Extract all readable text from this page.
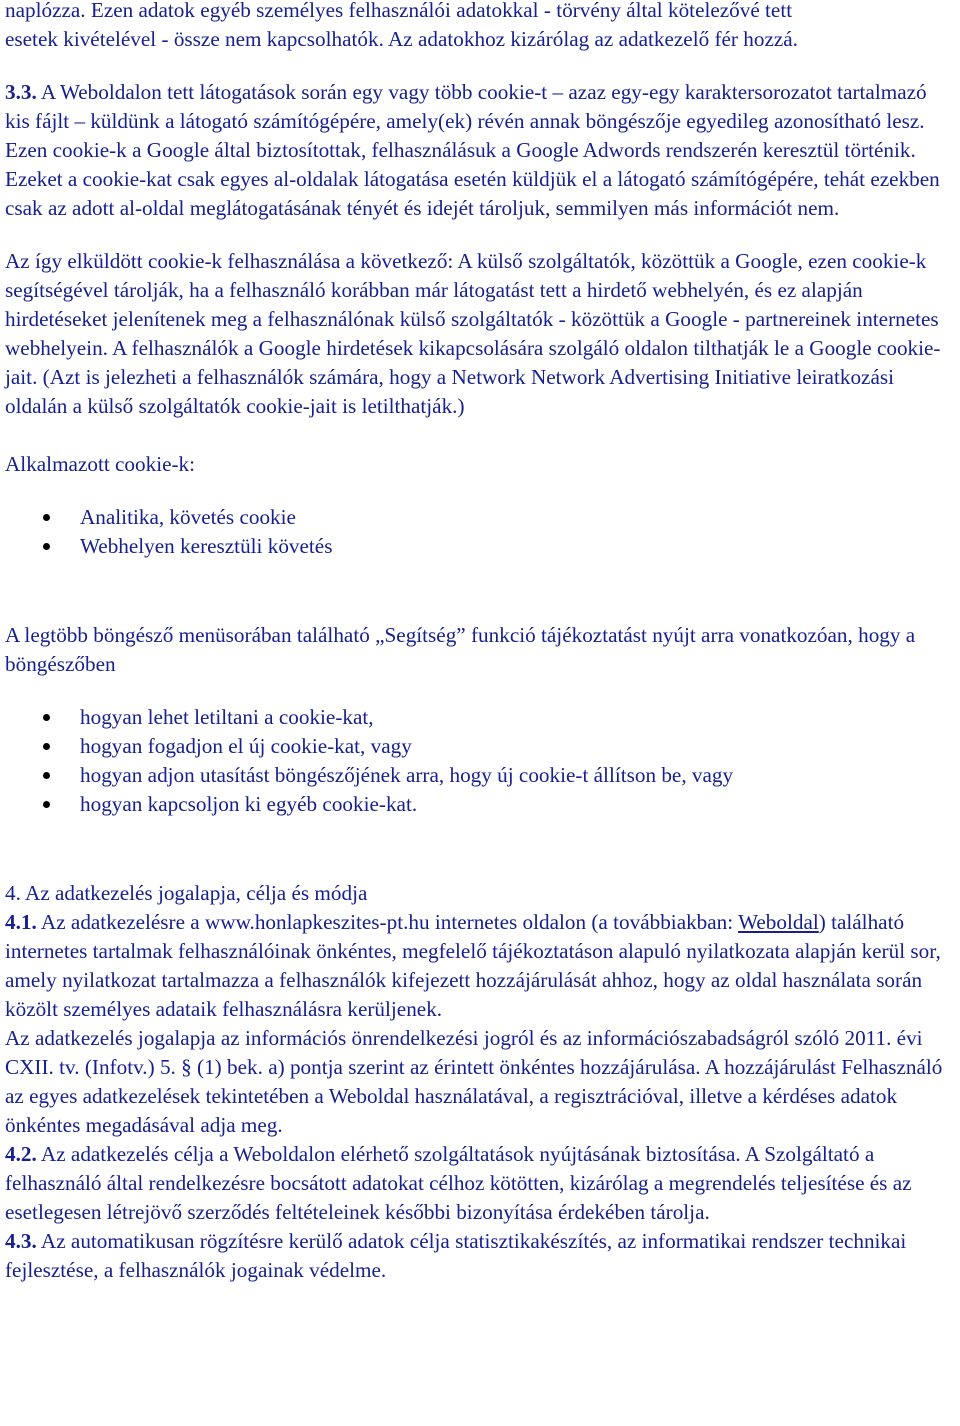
naplózza. Ezen adatok egyéb személyes felhasználói adatokkal - törvény által kötelezővé tett

esetek kivételével - össze nem kapcsolhatók. Az adatokhoz kizárólag az adatkezelő fér hozzá.

3.3. A Weboldalon tett látogatások során egy vagy több cookie-t – azaz egy-egy karaktersorozatot tartalmazó kis fájlt – küldünk a látogató számítógépére, amely(ek) révén annak böngészője egyedileg azonosítható lesz. Ezen cookie-k a Google által biztosítottak, felhasználásuk a Google Adwords rendszerén keresztül történik. Ezeket a cookie-kat csak egyes al-oldalak látogatása esetén küldjük el a látogató számítógépére, tehát ezekben csak az adott al-oldal meglátogatásának tényét és idejét tároljuk, semmilyen más információt nem.

Az így elküldött cookie-k felhasználása a következő: A külső szolgáltatók, közöttük a Google, ezen cookie-k segítségével tárolják, ha a felhasználó korábban már látogatást tett a hirdető webhelyén, és ez alapján hirdetéseket jelenítenek meg a felhasználónak külső szolgáltatók - közöttük a Google - partnereinek internetes webhelyein. A felhasználók a Google hirdetések kikapcsolására szolgáló oldalon tilthatják le a Google cookie-jait. (Azt is jelezheti a felhasználók számára, hogy a Network Network Advertising Initiative leiratkozási oldalán a külső szolgáltatók cookie-jait is letilthatják.)

Alkalmazott cookie-k:

Analitika, követés cookie
Webhelyen keresztüli követés

A legtöbb böngésző menüsorában található „Segítség” funkció tájékoztatást nyújt arra vonatkozóan, hogy a böngészőben

hogyan lehet letiltani a cookie-kat,
hogyan fogadjon el új cookie-kat, vagy
hogyan adjon utasítást böngészőjének arra, hogy új cookie-t állítson be, vagy
hogyan kapcsoljon ki egyéb cookie-kat.

4. Az adatkezelés jogalapja, célja és módja

4.1. Az adatkezelésre a www.honlapkeszites-pt.hu internetes oldalon (a továbbiakban: Weboldal) található internetes tartalmak felhasználóinak önkéntes, megfelelő tájékoztatáson alapuló nyilatkozata alapján kerül sor, amely nyilatkozat tartalmazza a felhasználók kifejezett hozzájárulását ahhoz, hogy az oldal használata során közölt személyes adataik felhasználásra kerüljenek.

Az adatkezelés jogalapja az információs önrendelkezési jogról és az információszabadságról szóló 2011. évi CXII. tv. (Infotv.) 5. § (1) bek. a) pontja szerint az érintett önkéntes hozzájárulása. A hozzájárulást Felhasználó az egyes adatkezelések tekintetében a Weboldal használatával, a regisztrációval, illetve a kérdéses adatok önkéntes megadásával adja meg.

4.2. Az adatkezelés célja a Weboldalon elérhető szolgáltatások nyújtásának biztosítása. A Szolgáltató a felhasználó által rendelkezésre bocsátott adatokat célhoz kötötten, kizárólag a megrendelés teljesítése és az esetlegesen létrejövő szerződés feltételeinek későbbi bizonyítása érdekében tárolja.

4.3. Az automatikusan rögzítésre kerülő adatok célja statisztikakészítés, az informatikai rendszer technikai fejlesztése, a felhasználók jogainak védelme.
